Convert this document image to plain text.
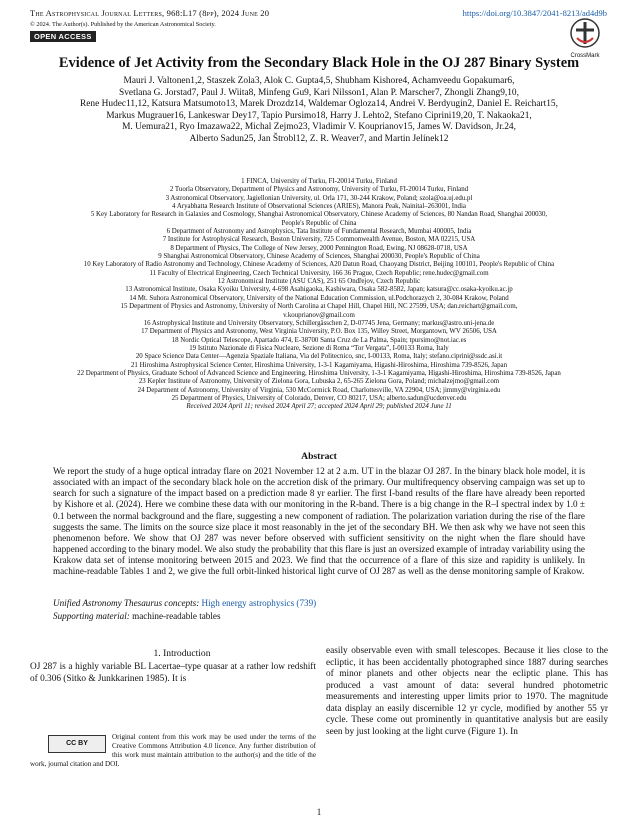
The Astrophysical Journal Letters, 968:L17 (8pp), 2024 June 20	https://doi.org/10.3847/2041-8213/ad4d9b
© 2024. The Author(s). Published by the American Astronomical Society.
OPEN ACCESS
CrossMark
Evidence of Jet Activity from the Secondary Black Hole in the OJ 287 Binary System
Mauri J. Valtonen1,2, Staszek Zola3, Alok C. Gupta4,5, Shubham Kishore4, Achamveedu Gopakumar6,
Svetlana G. Jorstad7, Paul J. Wiita8, Minfeng Gu9, Kari Nilsson1, Alan P. Marscher7, Zhongli Zhang9,10,
Rene Hudec11,12, Katsura Matsumoto13, Marek Drozdz14, Waldemar Ogloza14, Andrei V. Berdyugin2, Daniel E. Reichart15,
Markus Mugrauer16, Lankeswar Dey17, Tapio Pursimo18, Harry J. Lehto2, Stefano Ciprini19,20, T. Nakaoka21,
M. Uemura21, Ryo Imazawa22, Michal Zejmo23, Vladimir V. Kouprianov15, James W. Davidson, Jr.24,
Alberto Sadun25, Jan Štrobl12, Z. R. Weaver7, and Martin Jelínek12
1 FINCA, University of Turku, FI-20014 Turku, Finland
2 Tuorla Observatory, Department of Physics and Astronomy, University of Turku, FI-20014 Turku, Finland
3 Astronomical Observatory, Jagiellonian University, ul. Orla 171, 30-244 Krakow, Poland; szola@oa.uj.edu.pl
4 Aryabhatta Research Institute of Observational Sciences (ARIES), Manora Peak, Nainital–263001, India
5 Key Laboratory for Research in Galaxies and Cosmology, Shanghai Astronomical Observatory, Chinese Academy of Sciences, 80 Nandan Road, Shanghai 200030,
People's Republic of China
6 Department of Astronomy and Astrophysics, Tata Institute of Fundamental Research, Mumbai 400005, India
7 Institute for Astrophysical Research, Boston University, 725 Commonwealth Avenue, Boston, MA 02215, USA
8 Department of Physics, The College of New Jersey, 2000 Pennington Road, Ewing, NJ 08628-0718, USA
9 Shanghai Astronomical Observatory, Chinese Academy of Sciences, Shanghai 200030, People's Republic of China
10 Key Laboratory of Radio Astronomy and Technology, Chinese Academy of Sciences, A20 Datun Road, Chaoyang District, Beijing 100101, People's Republic of China
11 Faculty of Electrical Engineering, Czech Technical University, 166 36 Prague, Czech Republic; rene.hudec@gmail.com
12 Astronomical Institute (ASU CAS), 251 65 Ondřejov, Czech Republic
13 Astronomical Institute, Osaka Kyoiku University, 4-698 Asahigaoka, Kashiwara, Osaka 582-8582, Japan; katsura@cc.osaka-kyoiku.ac.jp
14 Mt. Suhora Astronomical Observatory, University of the National Education Commission, ul.Podchorazych 2, 30-084 Krakow, Poland
15 Department of Physics and Astronomy, University of North Carolina at Chapel Hill, Chapel Hill, NC 27599, USA; dan.reichart@gmail.com,
v.kouprianov@gmail.com
16 Astrophysical Institute and University Observatory, Schillergässchen 2, D-07745 Jena, Germany; markus@astro.uni-jena.de
17 Department of Physics and Astronomy, West Virginia University, P.O. Box 135, Willey Street, Morgantown, WV 26506, USA
18 Nordic Optical Telescope, Apartado 474, E-38700 Santa Cruz de La Palma, Spain; tpursimo@not.iac.es
19 Istituto Nazionale di Fisica Nucleare, Sezione di Roma “Tor Vergata”, I-00133 Roma, Italy
20 Space Science Data Center—Agenzia Spaziale Italiana, Via del Politecnico, snc, I-00133, Roma, Italy; stefano.ciprini@ssdc.asi.it
21 Hiroshima Astrophysical Science Center, Hiroshima University, 1-3-1 Kagamiyama, Higashi-Hiroshima, Hiroshima 739-8526, Japan
22 Department of Physics, Graduate School of Advanced Science and Engineering, Hiroshima University, 1-3-1 Kagamiyama, Higashi-Hiroshima, Hiroshima 739-8526, Japan
23 Kepler Institute of Astronomy, University of Zielona Gora, Lubuska 2, 65-265 Zielona Gora, Poland; michalzejmo@gmail.com
24 Department of Astronomy, University of Virginia, 530 McCormick Road, Charlottesville, VA 22904, USA; jimmy@virginia.edu
25 Department of Physics, University of Colorado, Denver, CO 80217, USA; alberto.sadun@ucdenver.edu
Received 2024 April 11; revised 2024 April 27; accepted 2024 April 29; published 2024 June 11
Abstract
We report the study of a huge optical intraday flare on 2021 November 12 at 2 a.m. UT in the blazar OJ 287. In the binary black hole model, it is associated with an impact of the secondary black hole on the accretion disk of the primary. Our multifrequency observing campaign was set up to search for such a signature of the impact based on a prediction made 8 yr earlier. The first I-band results of the flare have already been reported by Kishore et al. (2024). Here we combine these data with our monitoring in the R-band. There is a big change in the R–I spectral index by 1.0 ± 0.1 between the normal background and the flare, suggesting a new component of radiation. The polarization variation during the rise of the flare suggests the same. The limits on the source size place it most reasonably in the jet of the secondary BH. We then ask why we have not seen this phenomenon before. We show that OJ 287 was never before observed with sufficient sensitivity on the night when the flare should have happened according to the binary model. We also study the probability that this flare is just an oversized example of intraday variability using the Krakow data set of intense monitoring between 2015 and 2023. We find that the occurrence of a flare of this size and rapidity is unlikely. In machine-readable Tables 1 and 2, we give the full orbit-linked historical light curve of OJ 287 as well as the dense monitoring sample of Krakow.
Unified Astronomy Thesaurus concepts: High energy astrophysics (739)
Supporting material: machine-readable tables
1. Introduction
OJ 287 is a highly variable BL Lacertae–type quasar at a rather low redshift of 0.306 (Sitko & Junkkarinen 1985). It is
easily observable even with small telescopes. Because it lies close to the ecliptic, it has been accidentally photographed since 1887 during searches of minor planets and other objects near the ecliptic plane. This has produced a vast amount of data: several hundred photometric measurements and interesting upper limits prior to 1970. The magnitude data display an easily discernible 12 yr cycle, modified by another 55 yr cycle. These come out prominently in quantitative analysis but are easily seen by just looking at the light curve (Figure 1). In
CC BY
Original content from this work may be used under the terms of the Creative Commons Attribution 4.0 licence. Any further distribution of this work must maintain attribution to the author(s) and the title of the work, journal citation and DOI.
1
